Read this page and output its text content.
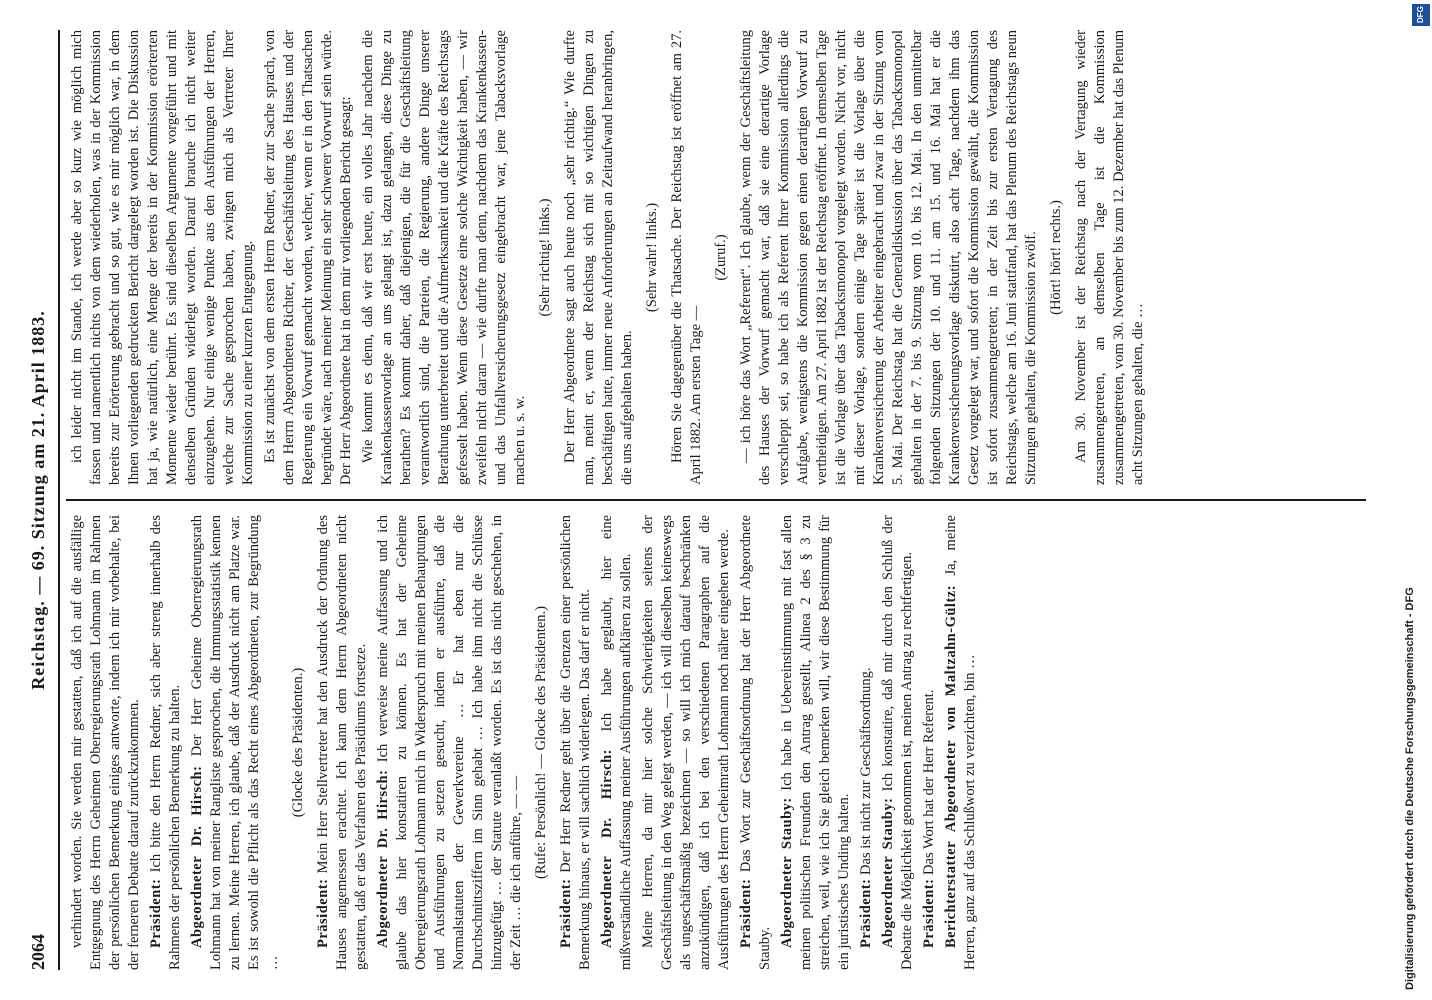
2064
Reichstag. — 69. Sitzung am 21. April 1883.

verhindert worden. Sie werden mir gestatten, daß ich auf die ausfällige Entgegnung des Herrn Geheimen Oberregierungsrath Lohmann im Rahmen der persönlichen Bemerkung einiges antworte, indem ich mir vorbehalte, bei der ferneren Debatte darauf zurückzukommen. Präsident: Ich bitte den Herrn Redner, sich aber streng innerhalb des Rahmens der persönlichen Bemerkung zu halten. Abgeordneter Dr. Hirsch: Der Herr Geheime Oberregierungsrath Lohmann hat von meiner Rangliste gesprochen, die Immungsstatistik kennen zu lernen. Meine Herren, ich glaube, daß der Ausdruck nicht am Platze war. Es ist sowohl die Pflicht als das Recht eines Abgeordneten, zur Begründung …

(Glocke des Präsidenten.)

Präsident: Mein Herr Stellvertreter hat den Ausdruck der Ordnung des Hauses angemessen erachtet. Ich kann dem Herrn Abgeordneten nicht gestatten, daß er das Verfahren des Präsidiums fortsetze. Abgeordneter Dr. Hirsch: Ich verweise meine Auffassung und ich glaube das hier konstatiren zu können. Es hat der Geheime Oberregierungsrath Lohmann mich in Widerspruch mit meinen Behauptungen und Ausführungen zu setzen gesucht, indem er ausführte, daß die Normalstatuten der Gewerkvereine … Er hat eben nur die Durchschnittsziffern im Sinn gehabt … Ich habe ihm nicht die Schlüsse hinzugefügt … der Statute veranlaßt worden. Es ist das nicht geschehen, in der Zeit … die ich anführe, — — (Rufe: Persönlich! — Glocke des Präsidenten.)

Präsident: Der Herr Redner geht über die Grenzen einer persönlichen Bemerkung hinaus, er will sachlich widerlegen. Das darf er nicht. Abgeordneter Dr. Hirsch: Ich habe geglaubt, hier eine mißverständliche Auffassung meiner Ausführungen aufklären zu sollen. Meine Herren, da mir hier solche Schwierigkeiten seitens der Geschäftsleitung in den Weg gelegt werden, — ich will dieselben keineswegs als ungeschäftsmäßig bezeichnen — so will ich mich darauf beschränken anzukündigen, daß ich bei den verschiedenen Paragraphen auf die Ausführungen des Herrn Geheimrath Lohmann noch näher eingehen werde. Präsident: Das Wort zur Geschäftsordnung hat der Herr Abgeordnete Stauby.

Abgeordneter Stauby: Ich habe in Uebereinstimmung mit fast allen meinen politischen Freunden den Antrag gestellt, Alinea 2 des § 3 zu streichen, weil, wie ich Sie gleich bemerken will, wir diese Bestimmung für ein juristisches Unding halten. Präsident: Das ist nicht zur Geschäftsordnung. Abgeordneter Stauby: Ich konstatire, daß mir durch den Schluß der Debatte die Möglichkeit genommen ist, meinen Antrag zu rechtfertigen. Präsident: Das Wort hat der Herr Referent. Berichterstatter Abgeordneter von Maltzahn-Gültz: Ja, meine Herren, ganz auf das Schlußwort zu verzichten, bin …

ich leider nicht im Stande, ich werde aber so kurz wie möglich mich fassen und namentlich nichts von dem wiederholen, was in der Kommission bereits zur Erörterung gebracht und so gut, wie es mir möglich war, in dem Ihnen vorliegenden gedruckten Bericht dargelegt worden ist. Die Diskussion hat ja, wie natürlich, eine Menge der bereits in der Kommission erörterten Momente wieder berührt. Es sind dieselben Argumente vorgeführt und mit denselben Gründen widerlegt worden. Darauf brauche ich nicht weiter einzugehen. Nur einige wenige Punkte aus den Ausführungen der Herren, welche zur Sache gesprochen haben, zwingen mich als Vertreter Ihrer Kommission zu einer kurzen Entgegnung. Es ist zunächst von dem ersten Herrn Redner, der zur Sache sprach, von dem Herrn Abgeordneten Richter, der Geschäftsleitung des Hauses und der Regierung ein Vorwurf gemacht worden, welcher, wenn er in den Thatsachen begründet wäre, nach meiner Meinung ein sehr schwerer Vorwurf sein würde. Der Herr Abgeordnete hat in dem mir vorliegenden Bericht gesagt: Wie kommt es denn, daß wir erst heute, ein volles Jahr nachdem die Krankenkassenvorlage an uns gelangt ist, dazu gelangen, diese Dinge zu berathen? Es kommt daher, daß diejenigen, die für die Geschäftsleitung verantwortlich sind, die Parteien, die Regierung, andere Dinge unserer Berathung unterbreitet und die Aufmerksamkeit und die Kräfte des Reichstags gefesselt haben. Wenn diese Gesetze eine solche Wichtigkeit haben, — wir zweifeln nicht daran — wie durfte man denn, nachdem das Krankenkassen- und das Unfallversicherungsgesetz eingebracht war, jene Tabacksvorlage machen u. s. w.

(Sehr richtig! links.) Der Herr Abgeordnete sagt auch heute noch „sehr richtig.“ Wie durfte man, meint er, wenn der Reichstag sich mit so wichtigen Dingen zu beschäftigen hatte, immer neue Anforderungen an Zeitaufwand heranbringen, die uns aufgehalten haben.

(Sehr wahr! links.) Hören Sie dagegenüber die Thatsache. Der Reichstag ist eröffnet am 27. April 1882. Am ersten Tage —

(Zuruf.) — ich höre das Wort „Referent“. Ich glaube, wenn der Geschäftsleitung des Hauses der Vorwurf gemacht war, daß sie eine derartige Vorlage verschleppt sei, so habe ich als Referent Ihrer Kommission allerdings die Aufgabe, wenigstens die Kommission gegen einen derartigen Vorwurf zu vertheidigen. Am 27. April 1882 ist der Reichstag eröffnet. In demselben Tage ist die Vorlage über das Tabacksmonopol vorgelegt worden. Nicht vor, nicht mit dieser Vorlage, sondern einige Tage später ist die Vorlage über die Krankenversicherung der Arbeiter eingebracht und zwar in der Sitzung vom 5. Mai. Der Reichstag hat die Generaldiskussion über das Tabacksmonopol gehalten in der 7. bis 9. Sitzung vom 10. bis 12. Mai. In den unmittelbar folgenden Sitzungen der 10. und 11. am 15. und 16. Mai hat er die Krankenversicherungsvorlage diskutirt, also acht Tage, nachdem ihm das Gesetz vorgelegt war, und sofort die Kommission gewählt, die Kommission ist sofort zusammengetreten; in der Zeit bis zur ersten Vertagung des Reichstags, welche am 16. Juni stattfand, hat das Plenum des Reichstags neun Sitzungen gehalten, die Kommission zwölf. (Hört! hört! rechts.) Am 30. November ist der Reichstag nach der Vertagung wieder zusammengetreten, an demselben Tage ist die Kommission zusammengetreten, vom 30. November bis zum 12. Dezember hat das Plenum acht Sitzungen gehalten, die …

Digitalisierung gefördert durch die Deutsche Forschungsgemeinschaft - DFG
DFG
